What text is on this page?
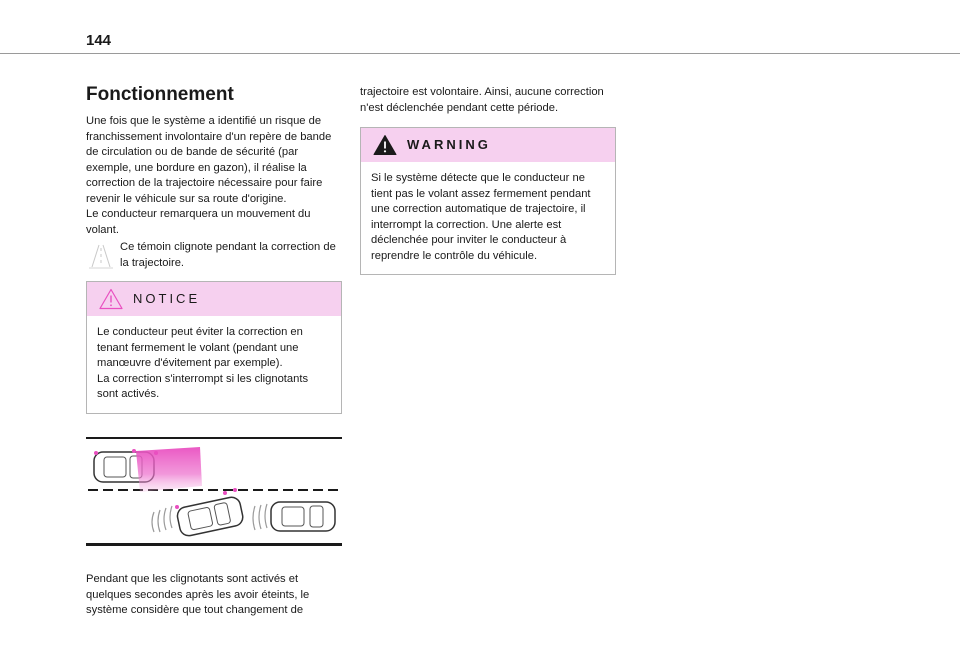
144
Fonctionnement

Une fois que le système a identifié un risque de franchissement involontaire d'un repère de bande de circulation ou de bande de sécurité (par exemple, une bordure en gazon), il réalise la correction de la trajectoire nécessaire pour faire revenir le véhicule sur sa route d'origine.

Le conducteur remarquera un mouvement du volant.

Ce témoin clignote pendant la correction de la trajectoire.
NOTICE

Le conducteur peut éviter la correction en tenant fermement le volant (pendant une manœuvre d'évitement par exemple).

La correction s'interrompt si les clignotants sont activés.

Pendant que les clignotants sont activés et quelques secondes après les avoir éteints, le système considère que tout changement de

trajectoire est volontaire. Ainsi, aucune correction n'est déclenchée pendant cette période.

WARNING

Si le système détecte que le conducteur ne tient pas le volant assez fermement pendant une correction automatique de trajectoire, il interrompt la correction. Une alerte est déclenchée pour inviter le conducteur à reprendre le contrôle du véhicule.
